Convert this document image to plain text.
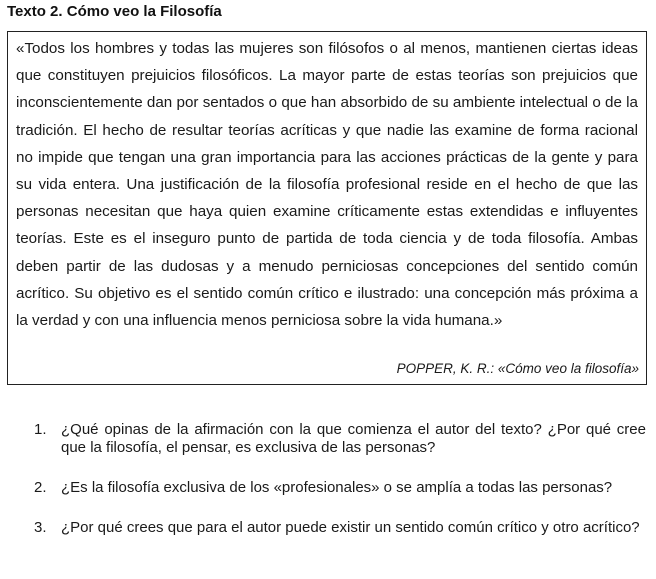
Texto 2. Cómo veo la Filosofía

«Todos los hombres y todas las mujeres son filósofos o al menos, mantienen ciertas ideas que constituyen prejuicios filosóficos. La mayor parte de estas teorías son prejuicios que inconscientemente dan por sentados o que han absorbido de su ambiente intelectual o de la tradición. El hecho de resultar teorías acríticas y que nadie las examine de forma racional no impide que tengan una gran importancia para las acciones prácticas de la gente y para su vida entera. Una justificación de la filosofía profesional reside en el hecho de que las personas necesitan que haya quien examine críticamente estas extendidas e influyentes teorías. Este es el inseguro punto de partida de toda ciencia y de toda filosofía. Ambas deben partir de las dudosas y a menudo perniciosas concepciones del sentido común acrítico. Su objetivo es el sentido común crítico e ilustrado: una concepción más próxima a la verdad y con una influencia menos perniciosa sobre la vida humana.»

POPPER, K. R.: «Cómo veo la filosofía»
1. ¿Qué opinas de la afirmación con la que comienza el autor del texto? ¿Por qué cree que la filosofía, el pensar, es exclusiva de las personas?
2. ¿Es la filosofía exclusiva de los «profesionales» o se amplía a todas las personas?
3. ¿Por qué crees que para el autor puede existir un sentido común crítico y otro acrítico?
